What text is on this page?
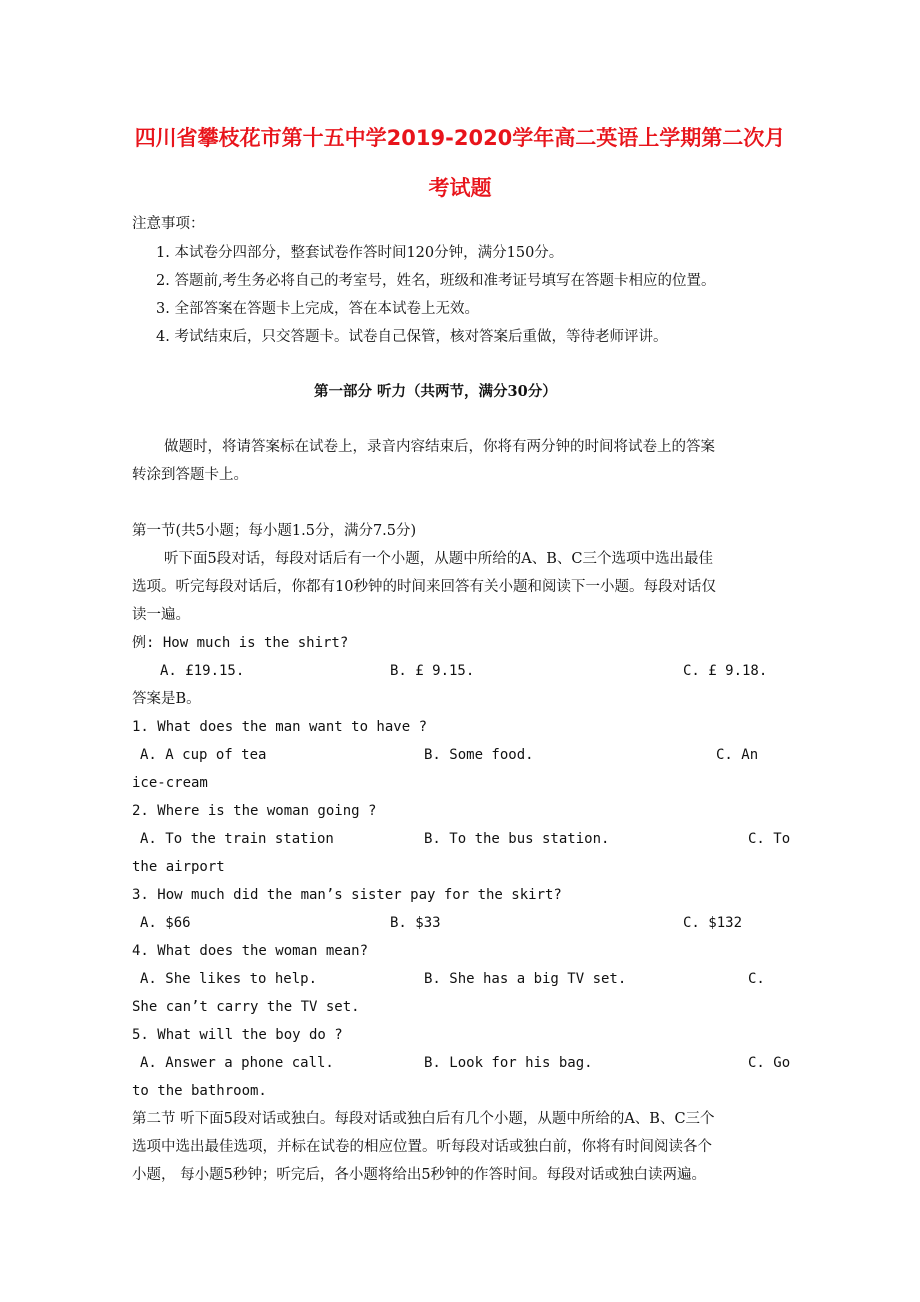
四川省攀枝花市第十五中学2019-2020学年高二英语上学期第二次月
考试题
注意事项：
1. 本试卷分四部分，整套试卷作答时间120分钟，满分150分。
2. 答题前,考生务必将自己的考室号，姓名，班级和准考证号填写在答题卡相应的位置。
3. 全部答案在答题卡上完成，答在本试卷上无效。
4. 考试结束后，只交答题卡。试卷自己保管，核对答案后重做，等待老师评讲。
第一部分 听力（共两节，满分30分）
做题时，将请答案标在试卷上，录音内容结束后，你将有两分钟的时间将试卷上的答案
转涂到答题卡上。
第一节(共5小题；每小题1.5分，满分7.5分)
听下面5段对话，每段对话后有一个小题，从题中所给的A、B、C三个选项中选出最佳
选项。听完每段对话后，你都有10秒钟的时间来回答有关小题和阅读下一小题。每段对话仅
读一遍。
例: How much is the shirt?
A. £19.15.	B. £ 9.15.	C. £ 9.18.
答案是B。
1. What does the man want to have ?
A. A cup of tea	B. Some food.	C. An
ice-cream
2. Where is the woman going ?
A. To the train station	B. To the bus station.	C. To
the airport
3. How much did the man’s sister pay for the skirt?
A. $66	B. $33	C. $132
4. What does the woman mean?
A. She likes to help.	B. She has a big TV set.	C.
She can’t carry the TV set.
5. What will the boy do ?
A. Answer a phone call.	B. Look for his bag.	C. Go
to the bathroom.
第二节 听下面5段对话或独白。每段对话或独白后有几个小题，从题中所给的A、B、C三个
选项中选出最佳选项，并标在试卷的相应位置。听每段对话或独白前，你将有时间阅读各个
小题， 每小题5秒钟；听完后，各小题将给出5秒钟的作答时间。每段对话或独白读两遍。
